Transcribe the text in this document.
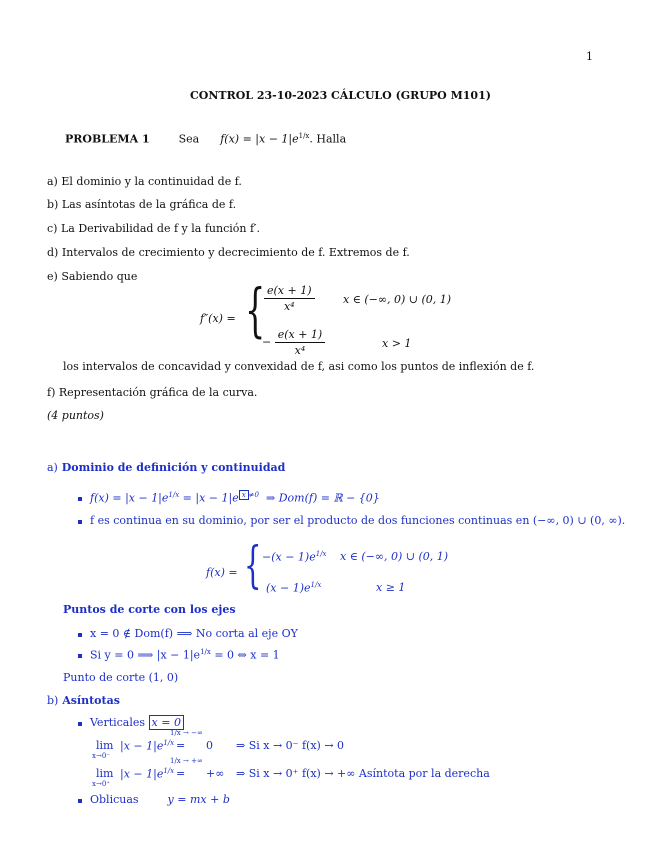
1
CONTROL 23-10-2023 CÁLCULO (GRUPO M101)
PROBLEMA 1	Sea $f(x) = |x - 1|e^{1/x}$. Halla
a) El dominio y la continuidad de f.
b) Las asíntotas de la gráfica de f.
c) La Derivabilidad de f y la función f′.
d) Intervalos de crecimiento y decrecimiento de f. Extremos de f.
e) Sabiendo que
f″(x) = {
$\frac{e(x + 1)}{\text{x⁴}}$	x ∈ (−∞, 0) ∪ (0, 1)
− $\frac{e(x + 1)}{\text{x⁴}}$	x > 1
los intervalos de concavidad y convexidad de f, asi como los puntos de inflexión de f.
f) Representación gráfica de la curva.
(4 puntos)
a) Dominio de definición y continuidad
$f(x) = |x - 1|e^{1/x} = |x - 1|e$ $^{x \ne 0}$ ⇒ Dom(f) = ℝ − {0}
f es continua en su dominio, por ser el producto de dos funciones continuas en (−∞, 0) ∪ (0, ∞).
f(x) = { $-(x - 1)e^{1/x}$ x ∈ (−∞, 0) ∪ (0, 1)
$(x - 1)e^{1/x}$	x ≥ 1
Puntos de corte con los ejes
x = 0 ∉ Dom(f) ⟹ No corta al eje OY
Si y = 0 ⟹ $|x - 1|e^{1/x} = 0$ ⇔ x = 1
Punto de corte (1, 0)
b) Asíntotas
Verticales x = 0
lim
x→0⁻
$|x - 1|e^{1/x}$
1/x → −∞
= 0 ⇒ Si x → 0⁻ f(x) → 0
lim
x→0⁺
$|x - 1|e^{1/x}$
1/x → +∞
= +∞ ⇒ Si x → 0⁺ f(x) → +∞ Asíntota por la derecha
Oblicuas	y = mx + b
